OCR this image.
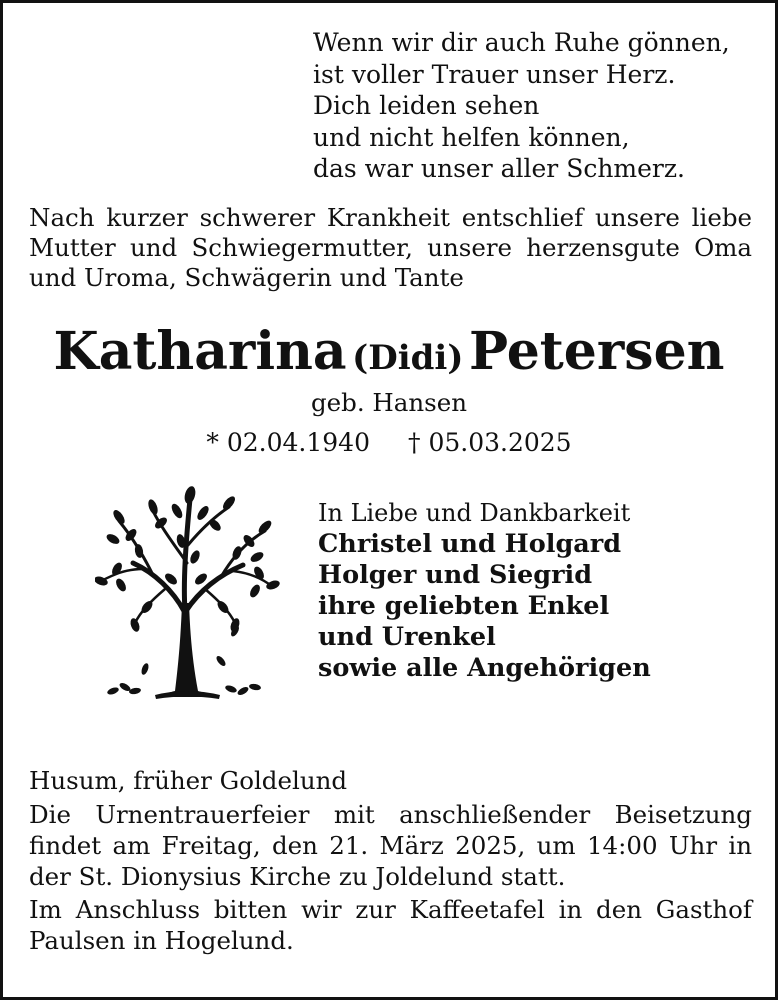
Wenn wir dir auch Ruhe gönnen,
ist voller Trauer unser Herz.
Dich leiden sehen
und nicht helfen können,
das war unser aller Schmerz.
Nach kurzer schwerer Krankheit entschlief unsere liebe Mutter und Schwiegermutter, unsere herzensgute Oma und Uroma, Schwägerin und Tante
Katharina (Didi) Petersen
geb. Hansen
* 02.04.1940 † 05.03.2025
In Liebe und Dankbarkeit
Christel und Holgard
Holger und Siegrid
ihre geliebten Enkel
und Urenkel
sowie alle Angehörigen

Husum, früher Goldelund

Die Urnentrauerfeier mit anschließender Beisetzung findet am Freitag, den 21. März 2025, um 14:00 Uhr in der St. Dionysius Kirche zu Joldelund statt.

Im Anschluss bitten wir zur Kaffeetafel in den Gasthof Paulsen in Hogelund.
